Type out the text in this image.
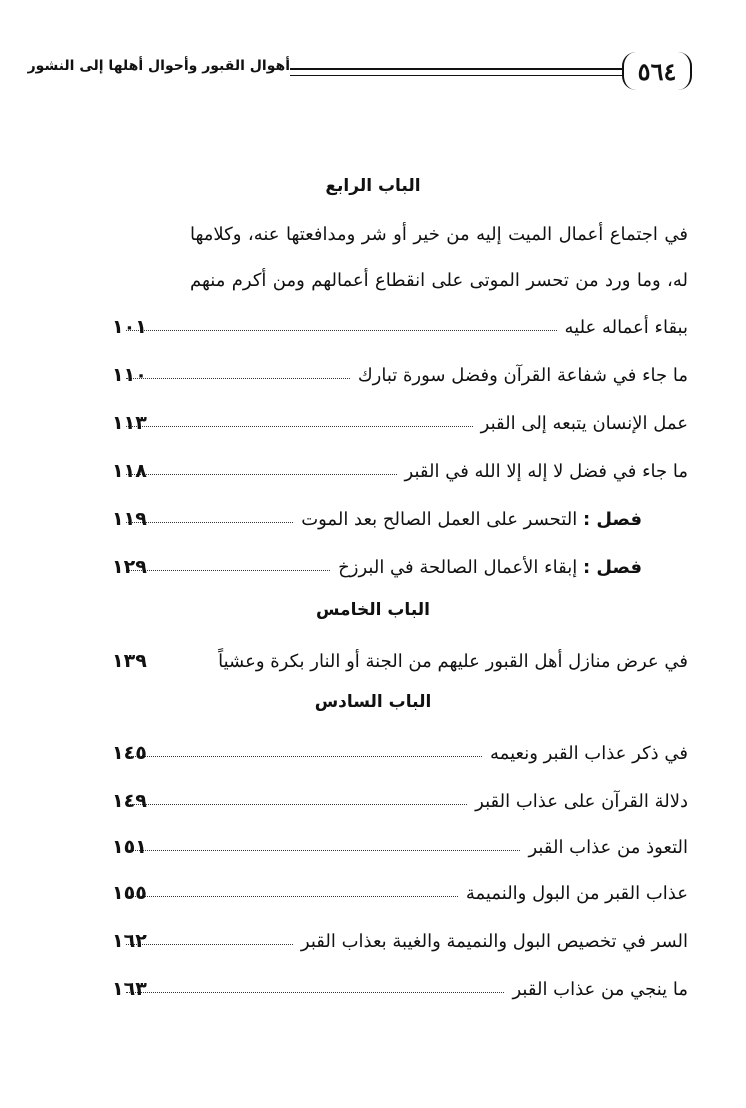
٥٦٤
أهوال القبور وأحوال أهلها إلى النشور
الباب الرابع
في اجتماع أعمال الميت إليه من خير أو شر ومدافعتها عنه، وكلامها
له، وما ورد من تحسر الموتى على انقطاع أعمالهم ومن أكرم منهم
ببقاء أعماله عليه
١٠١
ما جاء في شفاعة القرآن وفضل سورة تبارك
١١٠
عمل الإنسان يتبعه إلى القبر
١١٣
ما جاء في فضل لا إله إلا الله في القبر
١١٨
فصل : التحسر على العمل الصالح بعد الموت
١١٩
فصل : إبقاء الأعمال الصالحة في البرزخ
١٢٩
الباب الخامس
في عرض منازل أهل القبور عليهم من الجنة أو النار بكرة وعشياً
١٣٩
الباب السادس
في ذكر عذاب القبر ونعيمه
١٤٥
دلالة القرآن على عذاب القبر
١٤٩
التعوذ من عذاب القبر
١٥١
عذاب القبر من البول والنميمة
١٥٥
السر في تخصيص البول والنميمة والغيبة بعذاب القبر
١٦٢
ما ينجي من عذاب القبر
١٦٣
